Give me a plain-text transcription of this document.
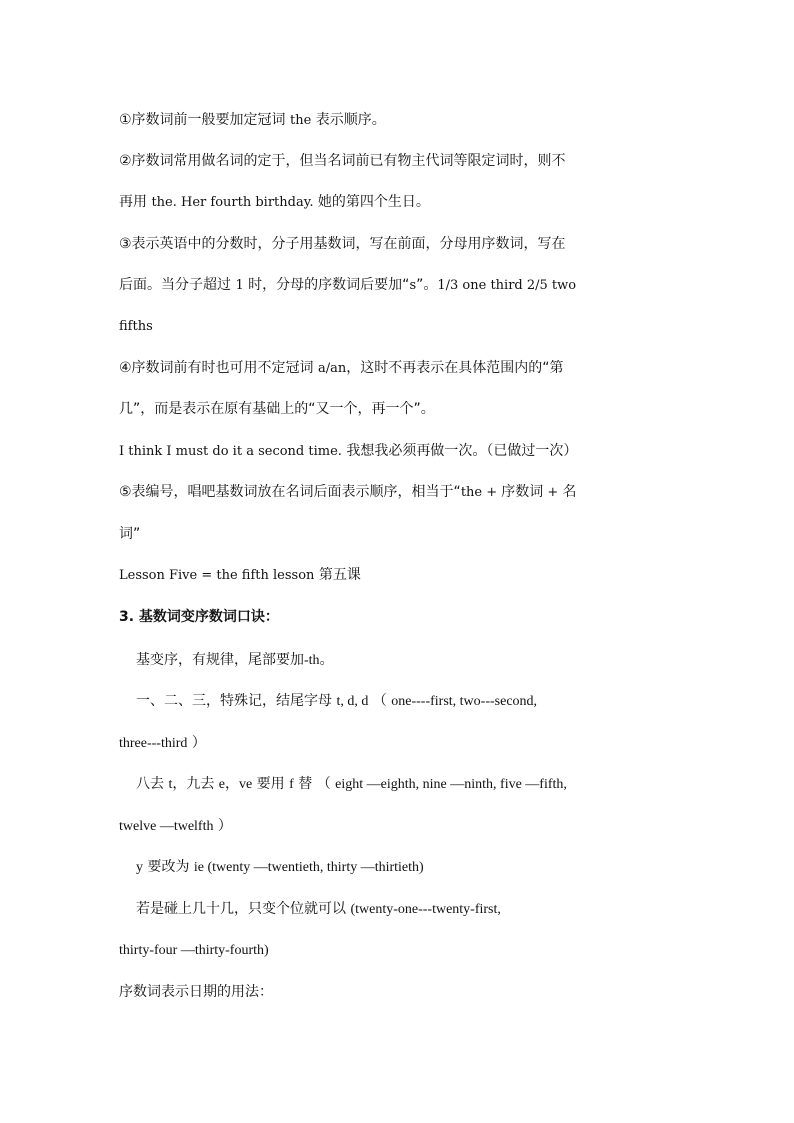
①序数词前一般要加定冠词 the 表示顺序。
②序数词常用做名词的定于，但当名词前已有物主代词等限定词时，则不
再用 the. Her fourth birthday. 她的第四个生日。
③表示英语中的分数时，分子用基数词，写在前面，分母用序数词，写在
后面。当分子超过 1 时，分母的序数词后要加“s”。1/3 one third 2/5 two
fifths
④序数词前有时也可用不定冠词 a/an，这时不再表示在具体范围内的“第
几”，而是表示在原有基础上的“又一个，再一个”。
I think I must do it a second time. 我想我必须再做一次。（已做过一次）
⑤表编号，唱吧基数词放在名词后面表示顺序，相当于“the + 序数词 + 名
词”
Lesson Five = the fifth lesson 第五课
3. 基数词变序数词口诀：
基变序，有规律，尾部要加-th。
一、二、三，特殊记，结尾字母 t, d, d （ one----first, two---second,
three---third ）
八去 t，九去 e，ve 要用 f 替 （ eight —eighth, nine —ninth, five —fifth,
twelve —twelfth ）
y 要改为 ie (twenty —twentieth, thirty —thirtieth)
若是碰上几十几，只变个位就可以 (twenty-one---twenty-first,
thirty-four —thirty-fourth)
序数词表示日期的用法：
